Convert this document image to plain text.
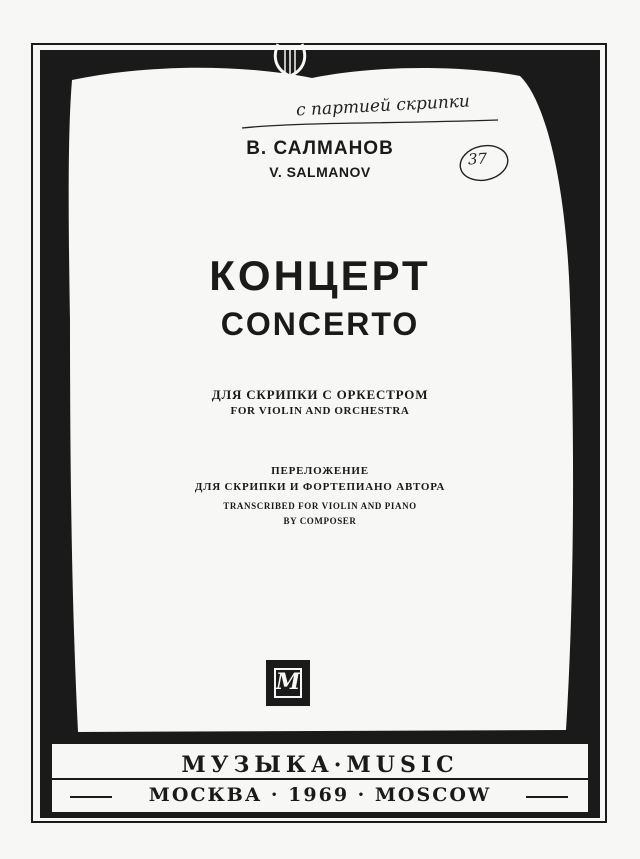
с партией скрипки
37
В. САЛМАНОВ
V. SALMANOV
КОНЦЕРТ
CONCERTO
ДЛЯ СКРИПКИ С ОРКЕСТРОМ
FOR VIOLIN AND ORCHESTRA
ПЕРЕЛОЖЕНИЕ
ДЛЯ СКРИПКИ И ФОРТЕПИАНО АВТОРА
TRANSCRIBED FOR VIOLIN AND PIANO
BY COMPOSER
М
МУЗЫКА·MUSIC
МОСКВА · 1969 · MOSCOW
